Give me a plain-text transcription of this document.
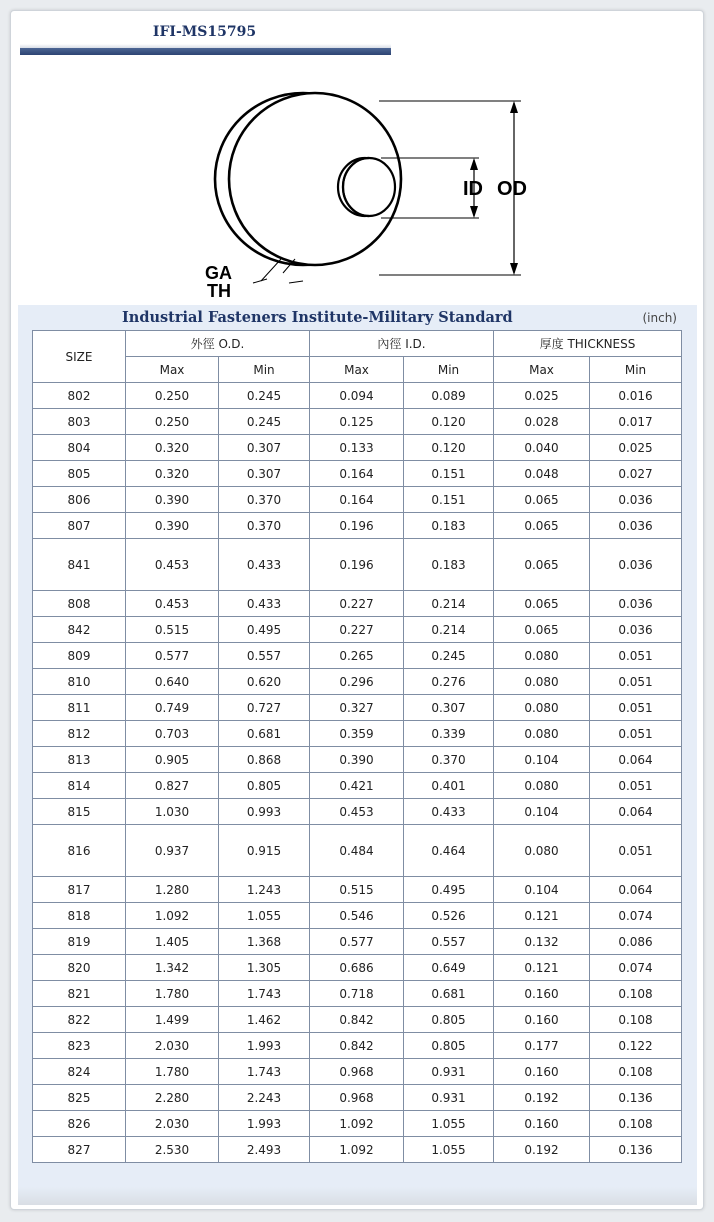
IFI-MS15795
ID OD
GA
TH
Industrial Fasteners Institute-Military Standard	(inch)
SIZE	外徑 O.D.		內徑 I.D.		厚度 THICKNESS	
	Max	Min	Max	Min	Max	Min
802	0.250	0.245	0.094	0.089	0.025	0.016
803	0.250	0.245	0.125	0.120	0.028	0.017
804	0.320	0.307	0.133	0.120	0.040	0.025
805	0.320	0.307	0.164	0.151	0.048	0.027
806	0.390	0.370	0.164	0.151	0.065	0.036
807	0.390	0.370	0.196	0.183	0.065	0.036
841	0.453	0.433	0.196	0.183	0.065	0.036
808	0.453	0.433	0.227	0.214	0.065	0.036
842	0.515	0.495	0.227	0.214	0.065	0.036
809	0.577	0.557	0.265	0.245	0.080	0.051
810	0.640	0.620	0.296	0.276	0.080	0.051
811	0.749	0.727	0.327	0.307	0.080	0.051
812	0.703	0.681	0.359	0.339	0.080	0.051
813	0.905	0.868	0.390	0.370	0.104	0.064
814	0.827	0.805	0.421	0.401	0.080	0.051
815	1.030	0.993	0.453	0.433	0.104	0.064
816	0.937	0.915	0.484	0.464	0.080	0.051
817	1.280	1.243	0.515	0.495	0.104	0.064
818	1.092	1.055	0.546	0.526	0.121	0.074
819	1.405	1.368	0.577	0.557	0.132	0.086
820	1.342	1.305	0.686	0.649	0.121	0.074
821	1.780	1.743	0.718	0.681	0.160	0.108
822	1.499	1.462	0.842	0.805	0.160	0.108
823	2.030	1.993	0.842	0.805	0.177	0.122
824	1.780	1.743	0.968	0.931	0.160	0.108
825	2.280	2.243	0.968	0.931	0.192	0.136
826	2.030	1.993	1.092	1.055	0.160	0.108
827	2.530	2.493	1.092	1.055	0.192	0.136
